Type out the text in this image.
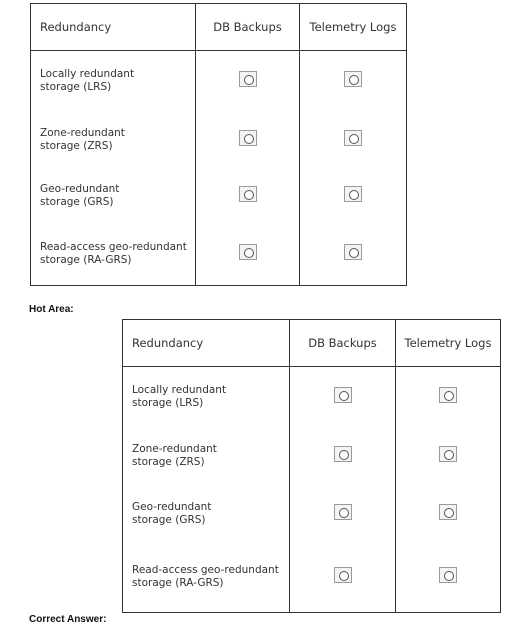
Redundancy	DB Backups	Telemetry Logs

Locally redundant
storage (LRS)		

Zone-redundant
storage (ZRS)		

Geo-redundant
storage (GRS)		

Read-access geo-redundant
storage (RA-GRS)		

Hot Area:
Redundancy	DB Backups	Telemetry Logs

Locally redundant
storage (LRS)		

Zone-redundant
storage (ZRS)		

Geo-redundant
storage (GRS)		

Read-access geo-redundant
storage (RA-GRS)		

Correct Answer:
